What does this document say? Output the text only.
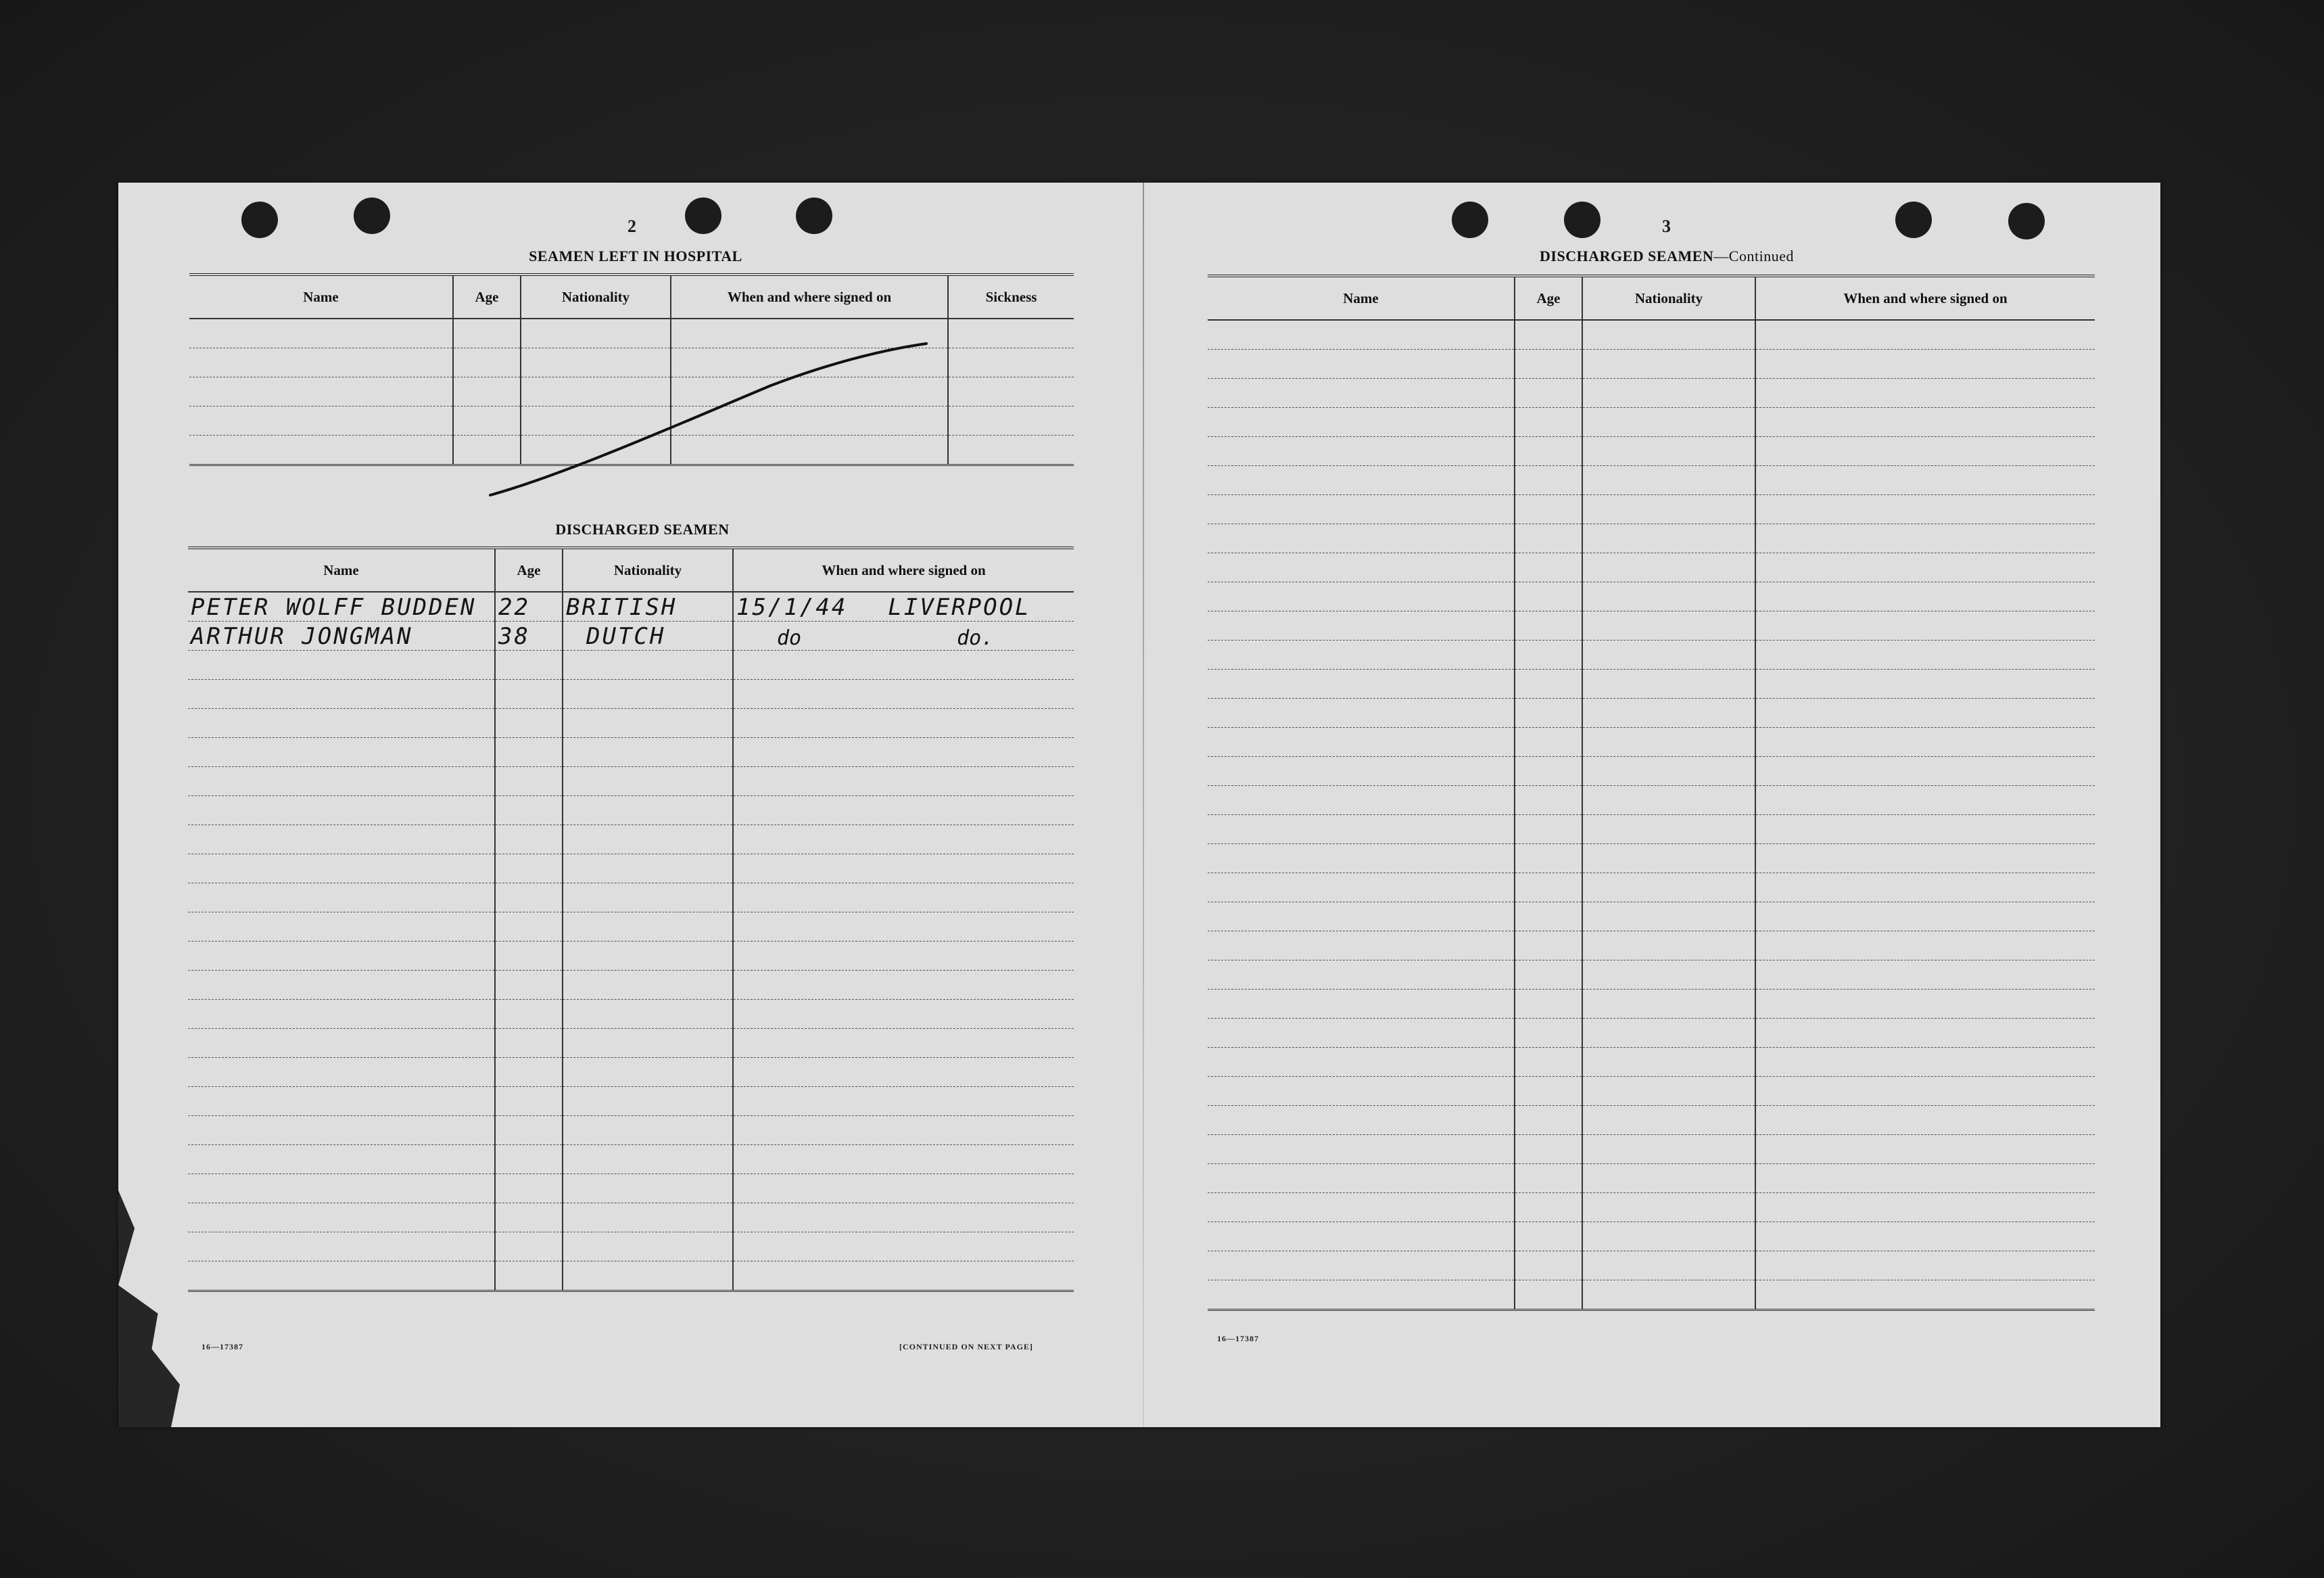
2
SEAMEN LEFT IN HOSPITAL
Name	Age	Nationality	When and where signed on	Sickness

DISCHARGED SEAMEN
Name	Age	Nationality	When and where signed on
PETER WOLFF BUDDEN	22	BRITISH	15/1/44 LIVERPOOL
ARTHUR JONGMAN	38	DUTCH	do do.

16—17387	[CONTINUED ON NEXT PAGE]
3
DISCHARGED SEAMEN—Continued
Name	Age	Nationality	When and where signed on

16—17387
